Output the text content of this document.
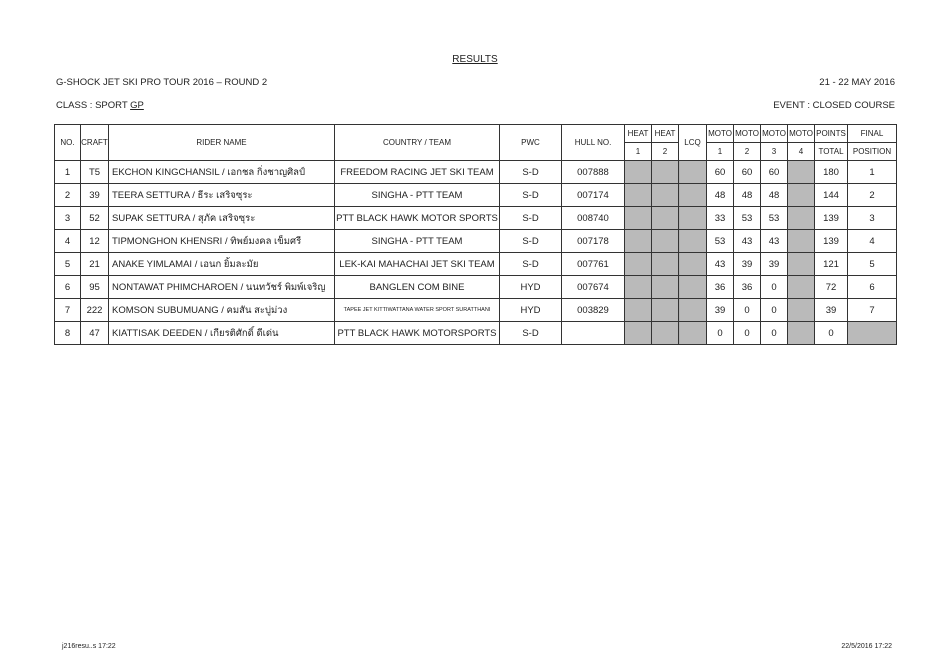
RESULTS
G-SHOCK JET SKI PRO TOUR 2016 – ROUND 2	21 - 22 MAY 2016
CLASS : SPORT GP	EVENT : CLOSED COURSE
NO.	CRAFT	RIDER NAME	COUNTRY / TEAM	PWC	HULL NO.	HEAT	HEAT	LCQ	MOTO	MOTO	MOTO	MOTO	POINTS	FINAL
						1	2		1	2	3	4	TOTAL	POSITION
1	T5	EKCHON KINGCHANSIL / เอกชล กิ่งชาญศิลป์	FREEDOM RACING JET SKI TEAM	S-D	007888				60	60	60		180	1
2	39	TEERA SETTURA / ธีระ เสริจซุระ	SINGHA - PTT TEAM	S-D	007174				48	48	48		144	2
3	52	SUPAK SETTURA / สุภัค เสริจซุระ	PTT BLACK HAWK MOTOR SPORTS	S-D	008740				33	53	53		139	3
4	12	TIPMONGHON KHENSRI / ทิพย์มงคล เข็มศรี	SINGHA - PTT TEAM	S-D	007178				53	43	43		139	4
5	21	ANAKE YIMLAMAI / เอนก ยิ้มละมัย	LEK-KAI MAHACHAI JET SKI TEAM	S-D	007761				43	39	39		121	5
6	95	NONTAWAT PHIMCHAROEN / นนทวัชร์ พิมพ์เจริญ	BANGLEN COM BINE	HYD	007674				36	36	0		72	6
7	222	KOMSON SUBUMUANG / คมสัน สะบู่ม่วง	TAPEE JET KITTIWATTANA WATER SPORT SURATTHANI	HYD	003829				39	0	0		39	7
8	47	KIATTISAK DEEDEN / เกียรติศักดิ์ ดีเด่น	PTT BLACK HAWK MOTORSPORTS	S-D					0	0	0		0	
j216resu..s 17:22	22/5/2016 17:22
